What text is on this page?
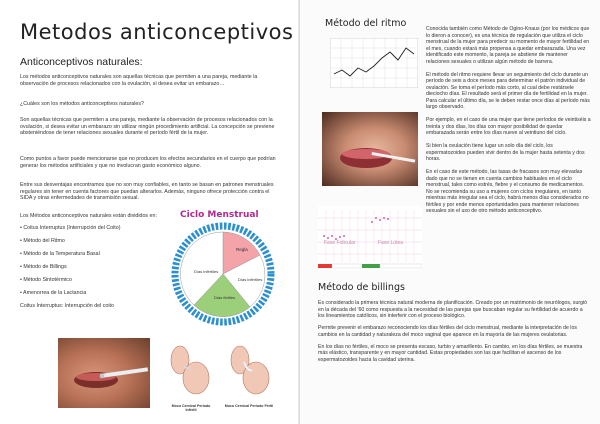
Metodos anticonceptivos
Anticonceptivos naturales:

Los métodos anticonceptivos naturales son aquellas técnicas que permiten a una pareja, mediante la observación de procesos relacionados con la ovulación, si desea evitar un embarazo…

¿Cuáles son los métodos anticonceptivos naturales?

Son aquellas técnicas que permiten a una pareja, mediante la observación de procesos relacionados con la ovulación, si desea evitar un embarazo sin utilizar ningún procedimiento artificial. La concepción se previene absteniéndose de tener relaciones sexuales durante el período fértil de la mujer.

Como puntos a favor puede mencionarse que no producen los efectos secundarios en el cuerpo que podrían generar los métodos artificiales y que no involucran gasto económico alguno.

Entre sus desventajas encontramos que no son muy confiables, en tanto se basan en patrones menstruales regulares sin tener en cuenta factores que puedan alterarlos. Además, ninguno ofrece protección contra el SIDA y otras enfermedades de transmisión sexual.

Los Métodos anticonceptivos naturales están divididos en:

• Coitus Interruptus (Interrupción del Coito)

• Método del Ritmo

• Método de la Temperatura Basal

• Método de Billings

• Método Sintotérmico

• Amenorrea de la Lactancia

Coitus Interruptus: Interrupción del coito

Ciclo Menstrual
Regla
Días infértiles
Días infértiles
Días fértiles
Moco Cervical Período Infértil
Moco Cervical Período Fértil
Método del ritmo
Fase Folicular	Fase Lútea

Conocida también como Método de Ogino-Knaus (por los médicos que lo dieron a conocer), es una técnica de regulación que utiliza el ciclo menstrual de la mujer para predecir su momento de mayor fertilidad en el mes, cuando estará más propensa a quedar embarazada. Una vez identificado este momento, la pareja se abstiene de mantener relaciones sexuales o utilizan algún método de barrera.

El método del ritmo requiere llevar un seguimiento del ciclo durante un período de seis a doce meses para determinar el patrón individual de ovulación. Se toma el período más corto, al cual debe restársele dieciocho días. El resultado será el primer día de fertilidad en la mujer. Para calcular el último día, se le deben restar once días al período más largo observado.

Por ejemplo, en el caso de una mujer que tiene períodos de veintiséis a treinta y dos días, los días con mayor posibilidad de quedar embarazada serán entre los días nueve al veintiuno del ciclo.

Si bien la ovulación tiene lugar un solo día del ciclo, los espermatozoides pueden vivir dentro de la mujer hasta setenta y dos horas.

En el caso de este método, las tasas de fracasos son muy elevadas dado que no se tienen en cuenta cambios habituales en el ciclo menstrual, tales como estrés, fiebre y el consumo de medicamentos. No se recomienda su uso a mujeres con ciclos irregulares, en tanto mientras más irregular sea el ciclo, habrá menos días considerados no fértiles y por ende menos oportunidades para mantener relaciones sexuales sin el uso de otro método anticonceptivo.

Método de billings

Es considerado la primera técnica natural moderna de planificación. Creado por un matrimonio de neurólogos, surgió en la década del '60 como respuesta a la necesidad de las parejas que buscaban regular su fertilidad de acuerdo a los lineamientos católicos, sin interferir con el proceso biológico.

Permite prevenir el embarazo reconociendo los días fértiles del ciclo menstrual, mediante la interpretación de los cambios en la cantidad y naturaleza del moco vaginal que aparece en la mayoría de las mujeres ovulatorias.

En los días no fértiles, el moco se presenta escaso, turbio y amarillento. En cambio, en los días fértiles, se muestra más elástico, transparente y en mayor cantidad. Estas propiedades son las que facilitan el ascenso de los espermatozoides hacia la cavidad uterina.
